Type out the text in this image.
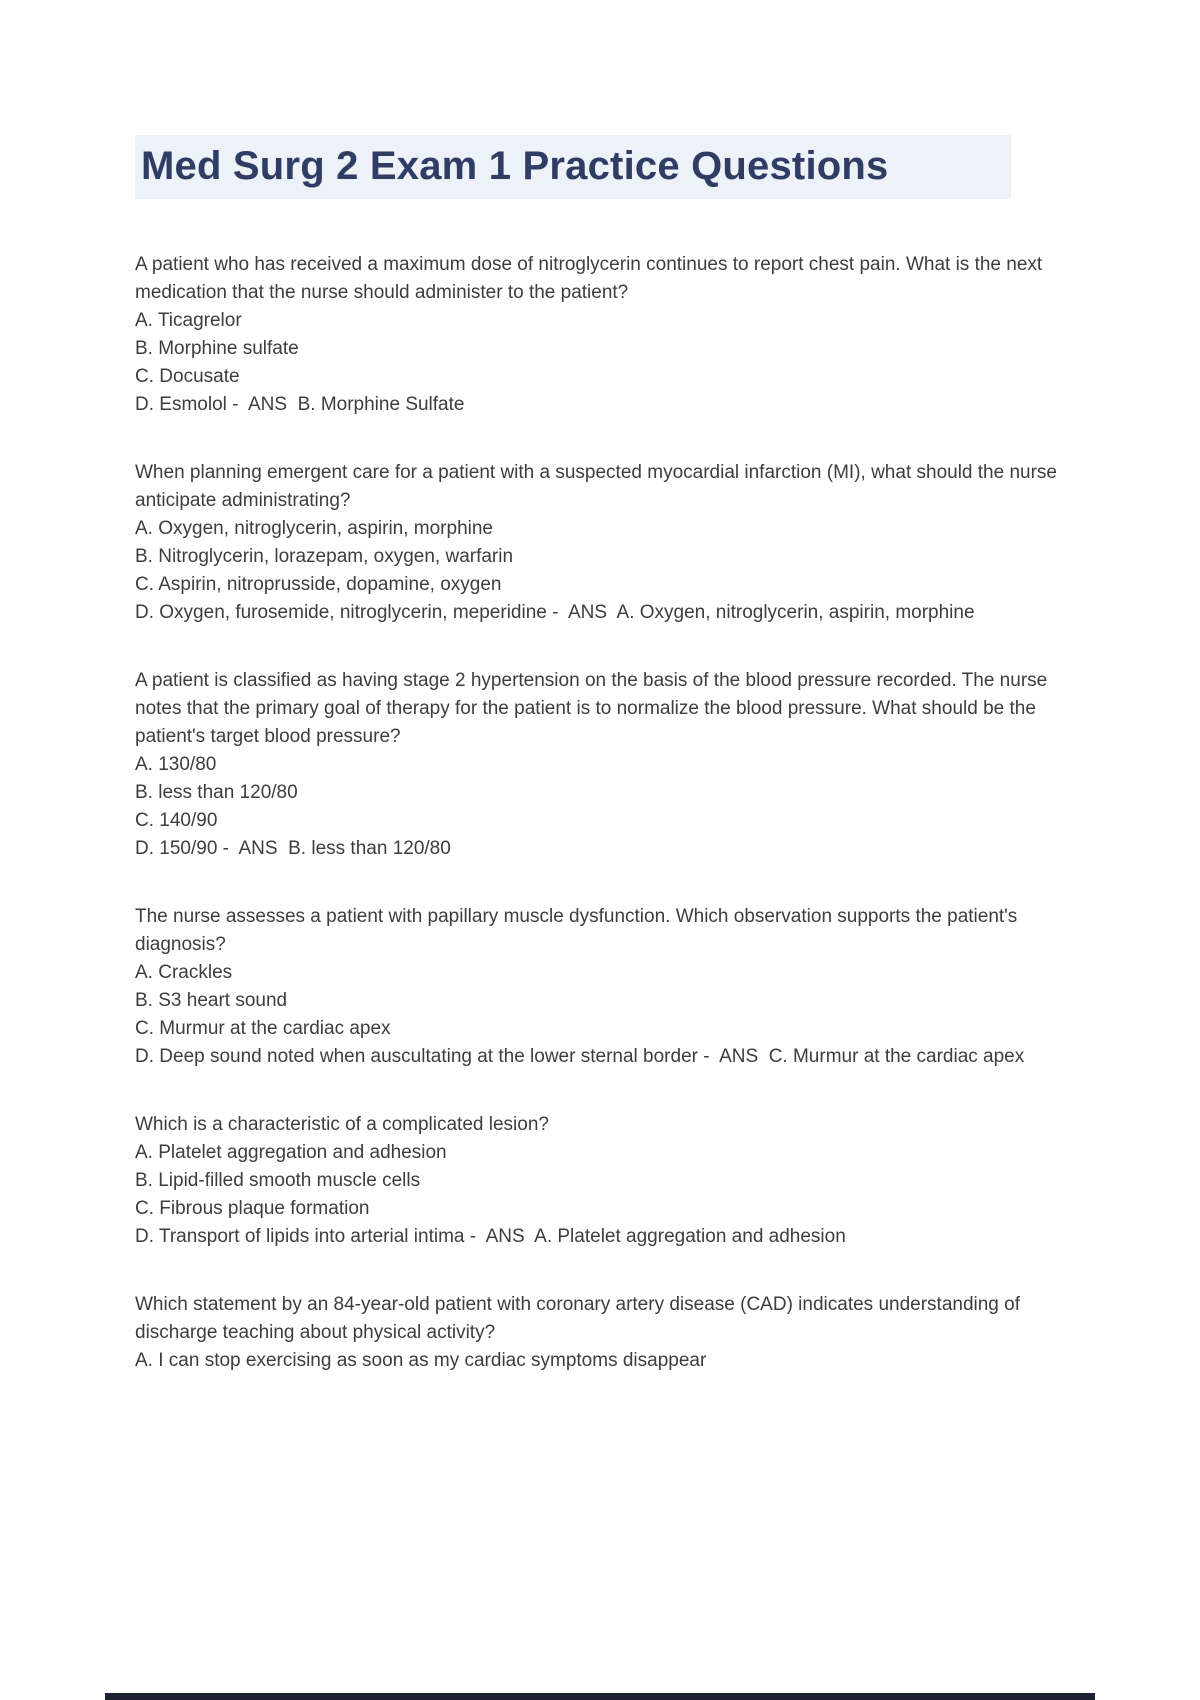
Med Surg 2 Exam 1 Practice Questions

A patient who has received a maximum dose of nitroglycerin continues to report chest pain. What is the next medication that the nurse should administer to the patient?

A. Ticagrelor

B. Morphine sulfate

C. Docusate

D. Esmolol -  ANS  B. Morphine Sulfate

When planning emergent care for a patient with a suspected myocardial infarction (MI), what should the nurse anticipate administrating?

A. Oxygen, nitroglycerin, aspirin, morphine

B. Nitroglycerin, lorazepam, oxygen, warfarin

C. Aspirin, nitroprusside, dopamine, oxygen

D. Oxygen, furosemide, nitroglycerin, meperidine -  ANS  A. Oxygen, nitroglycerin, aspirin, morphine

A patient is classified as having stage 2 hypertension on the basis of the blood pressure recorded. The nurse notes that the primary goal of therapy for the patient is to normalize the blood pressure. What should be the patient's target blood pressure?

A. 130/80

B. less than 120/80

C. 140/90

D. 150/90 -  ANS  B. less than 120/80

The nurse assesses a patient with papillary muscle dysfunction. Which observation supports the patient's diagnosis?

A. Crackles

B. S3 heart sound

C. Murmur at the cardiac apex

D. Deep sound noted when auscultating at the lower sternal border -  ANS  C. Murmur at the cardiac apex

Which is a characteristic of a complicated lesion?

A. Platelet aggregation and adhesion

B. Lipid-filled smooth muscle cells

C. Fibrous plaque formation

D. Transport of lipids into arterial intima -  ANS  A. Platelet aggregation and adhesion

Which statement by an 84-year-old patient with coronary artery disease (CAD) indicates understanding of discharge teaching about physical activity?

A. I can stop exercising as soon as my cardiac symptoms disappear
